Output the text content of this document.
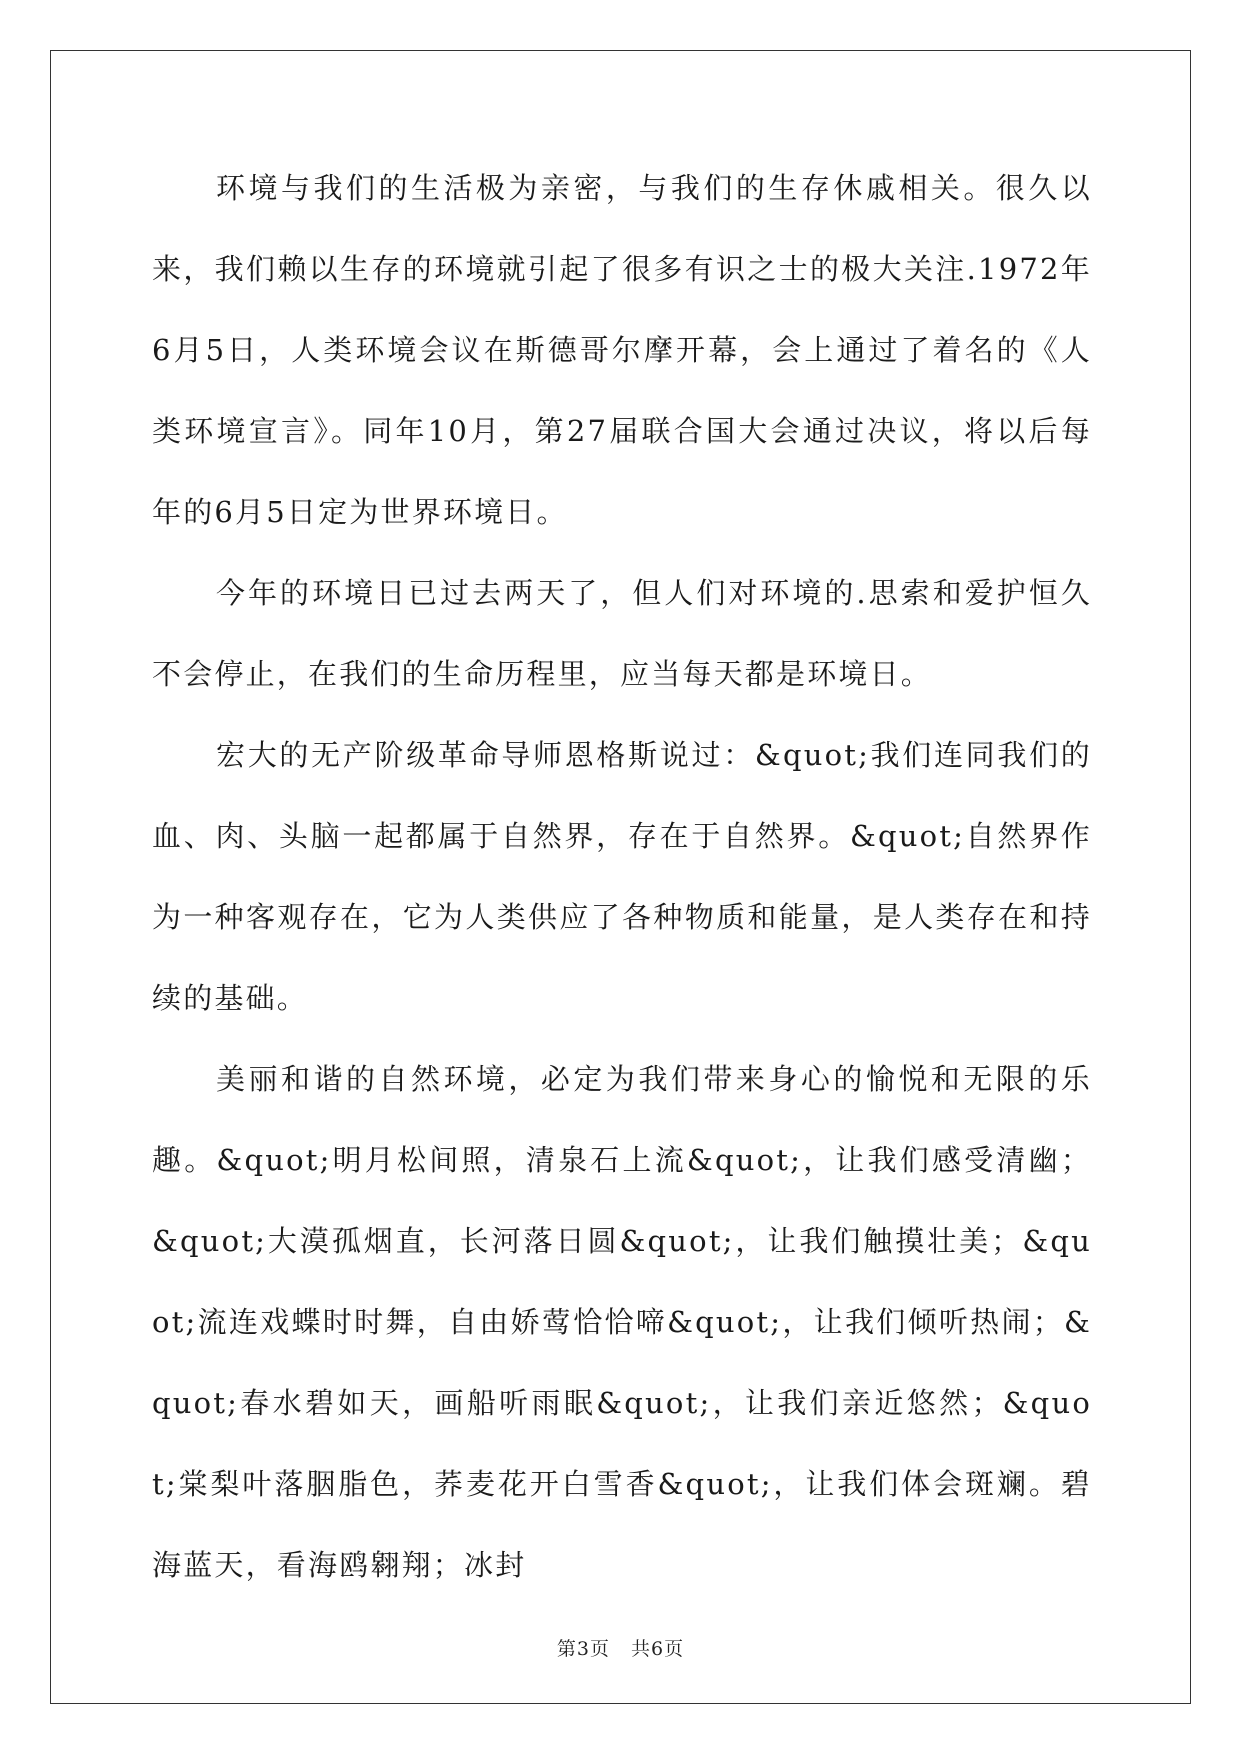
环境与我们的生活极为亲密，与我们的生存休戚相关。很久以来，我们赖以生存的环境就引起了很多有识之士的极大关注.1972年6月5日，人类环境会议在斯德哥尔摩开幕，会上通过了着名的《人类环境宣言》。同年10月，第27届联合国大会通过决议，将以后每年的6月5日定为世界环境日。

今年的环境日已过去两天了，但人们对环境的.思索和爱护恒久不会停止，在我们的生命历程里，应当每天都是环境日。

宏大的无产阶级革命导师恩格斯说过：&quot;我们连同我们的血、肉、头脑一起都属于自然界，存在于自然界。&quot;自然界作为一种客观存在，它为人类供应了各种物质和能量，是人类存在和持续的基础。

美丽和谐的自然环境，必定为我们带来身心的愉悦和无限的乐趣。&quot;明月松间照，清泉石上流&quot;，让我们感受清幽；&quot;大漠孤烟直，长河落日圆&quot;，让我们触摸壮美；&quot;流连戏蝶时时舞，自由娇莺恰恰啼&quot;，让我们倾听热闹；&quot;春水碧如天，画船听雨眠&quot;，让我们亲近悠然；&quot;棠梨叶落胭脂色，荞麦花开白雪香&quot;，让我们体会斑斓。碧海蓝天，看海鸥翱翔；冰封

第3页 共6页
